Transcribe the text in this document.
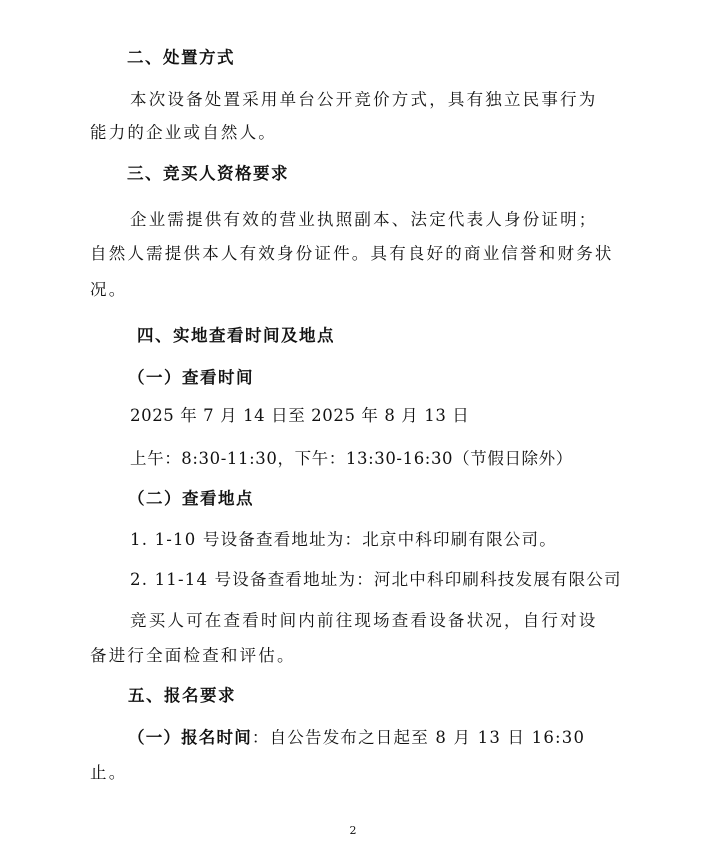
二、处置方式
本次设备处置采用单台公开竞价方式，具有独立民事行为
能力的企业或自然人。
三、竞买人资格要求
企业需提供有效的营业执照副本、法定代表人身份证明；
自然人需提供本人有效身份证件。具有良好的商业信誉和财务状
况。
四、实地查看时间及地点
（一）查看时间
2025 年 7 月 14 日至 2025 年 8 月 13 日
上午：8:30-11:30，下午：13:30-16:30（节假日除外）
（二）查看地点
1. 1-10 号设备查看地址为：北京中科印刷有限公司。
2. 11-14 号设备查看地址为：河北中科印刷科技发展有限公司
竞买人可在查看时间内前往现场查看设备状况，自行对设
备进行全面检查和评估。
五、报名要求
（一）报名时间：自公告发布之日起至 8 月 13 日 16:30
止。
2
